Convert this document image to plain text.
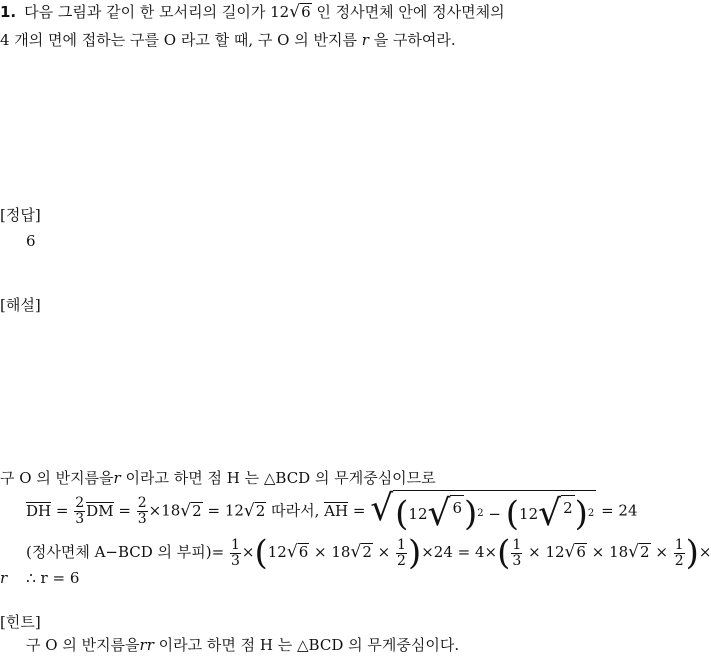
1. 다음 그림과 같이 한 모서리의 길이가 12 √ 6 인 정사면체 안에 정사면체의
4 개의 면에 접하는 구를 O 라고 할 때, 구 O 의 반지름 r 을 구하여라.
[정답]
6
[해설]
구 O 의 반지름을r 이라고 하면 점 H 는 △BCD 의 무게중심이므로
DH = $\frac{2}{3}$ DM = $\frac{2}{3} \times 18$ √ 2 = 12 √ 2 따라서, AH = √ ( 12 √ 6 ) 2
−
( 12 √ 2 ) 2 = 24
(정사면체 A−BCD 의 부피)= $\frac{1}{3} \times(12$ √ 6 × 18 √ $2 \times \frac{1}{2} )\times 24 = 4\times( \frac{1}{3} \times 12$ √ 6 × 18 √ $2 \times \frac{1}{2}$ )×
r ∴ r = 6
[힌트]
구 O 의 반지름을rr 이라고 하면 점 H 는 △BCD 의 무게중심이다.
